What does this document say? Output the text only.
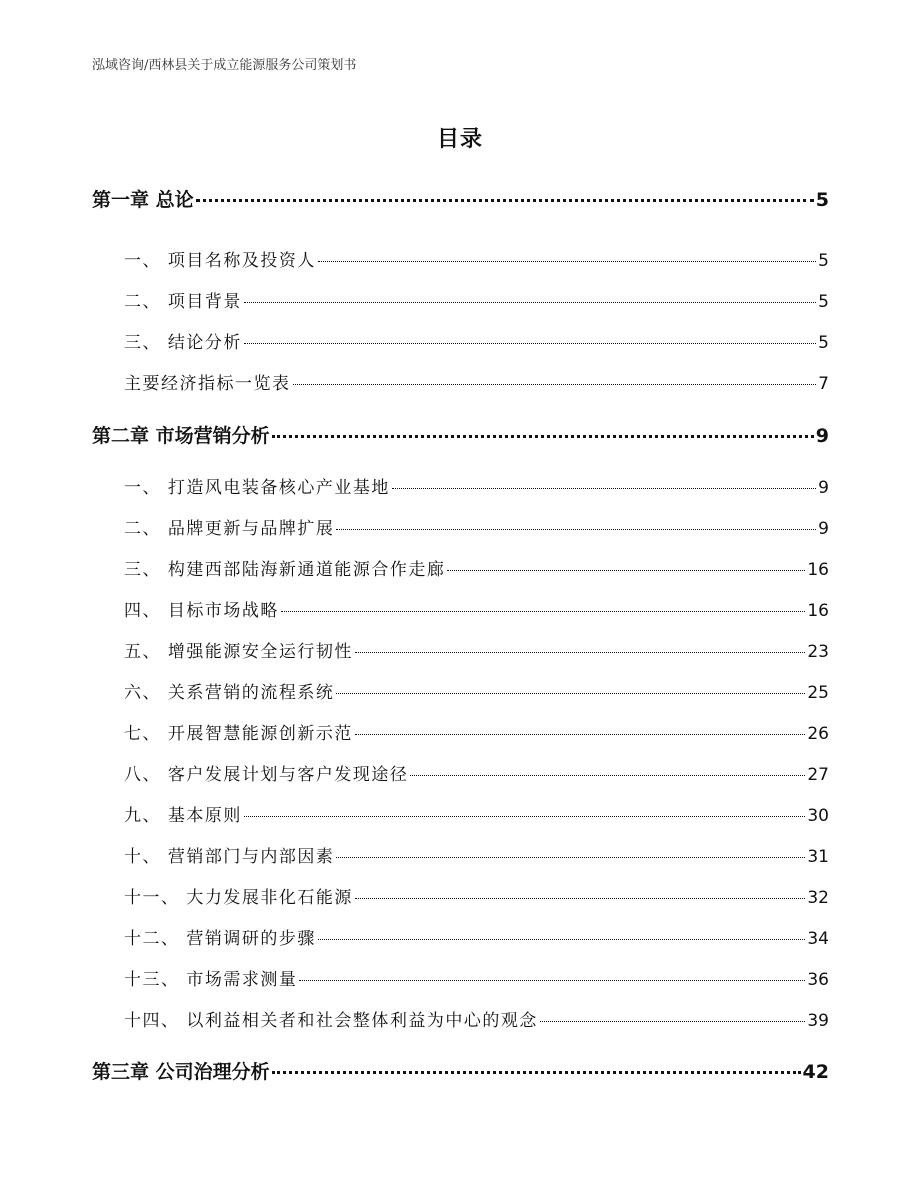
泓域咨询/西林县关于成立能源服务公司策划书
目录
第一章 总论	5
一、 项目名称及投资人	5
二、 项目背景	5
三、 结论分析	5
主要经济指标一览表	7
第二章 市场营销分析	9
一、 打造风电装备核心产业基地	9
二、 品牌更新与品牌扩展	9
三、 构建西部陆海新通道能源合作走廊	16
四、 目标市场战略	16
五、 增强能源安全运行韧性	23
六、 关系营销的流程系统	25
七、 开展智慧能源创新示范	26
八、 客户发展计划与客户发现途径	27
九、 基本原则	30
十、 营销部门与内部因素	31
十一、 大力发展非化石能源	32
十二、 营销调研的步骤	34
十三、 市场需求测量	36
十四、 以利益相关者和社会整体利益为中心的观念	39
第三章 公司治理分析	42
